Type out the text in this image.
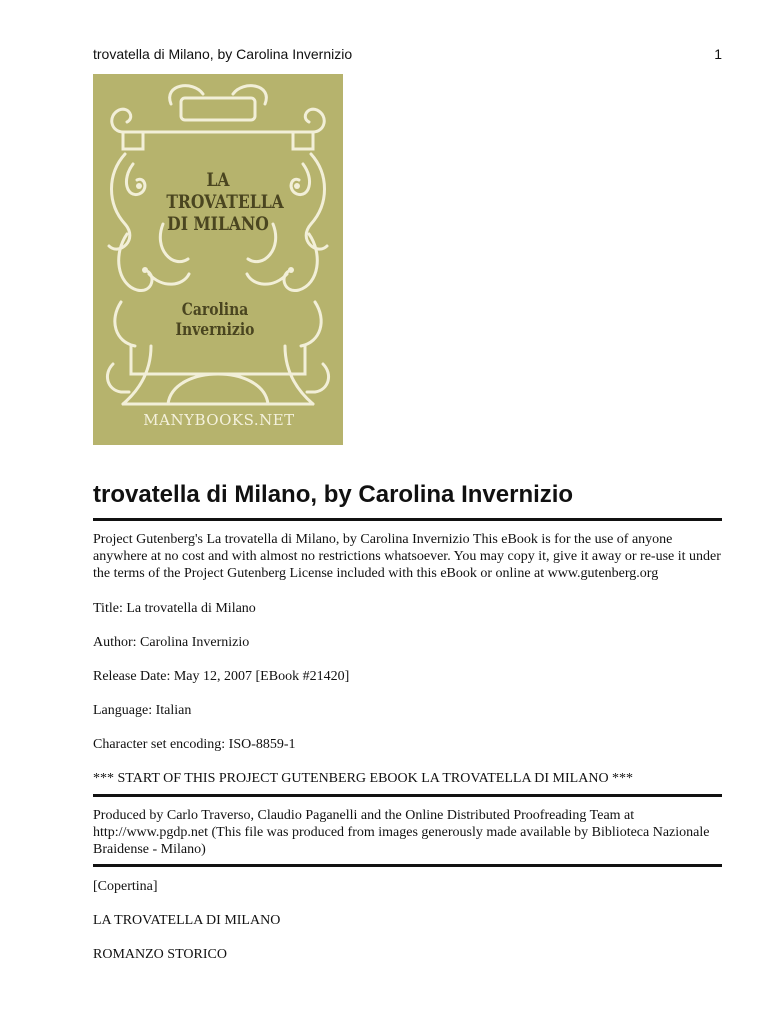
trovatella di Milano, by Carolina Invernizio	1
LA
TROVATELLA
DI MILANO
Carolina
Invernizio
MANYBOOKS.NET
trovatella di Milano, by Carolina Invernizio

Project Gutenberg's La trovatella di Milano, by Carolina Invernizio This eBook is for the use of anyone anywhere at no cost and with almost no restrictions whatsoever. You may copy it, give it away or re-use it under the terms of the Project Gutenberg License included with this eBook or online at www.gutenberg.org

Title: La trovatella di Milano

Author: Carolina Invernizio

Release Date: May 12, 2007 [EBook #21420]

Language: Italian

Character set encoding: ISO-8859-1

*** START OF THIS PROJECT GUTENBERG EBOOK LA TROVATELLA DI MILANO ***

Produced by Carlo Traverso, Claudio Paganelli and the Online Distributed Proofreading Team at http://www.pgdp.net (This file was produced from images generously made available by Biblioteca Nazionale Braidense - Milano)

[Copertina]

LA TROVATELLA DI MILANO

ROMANZO STORICO
